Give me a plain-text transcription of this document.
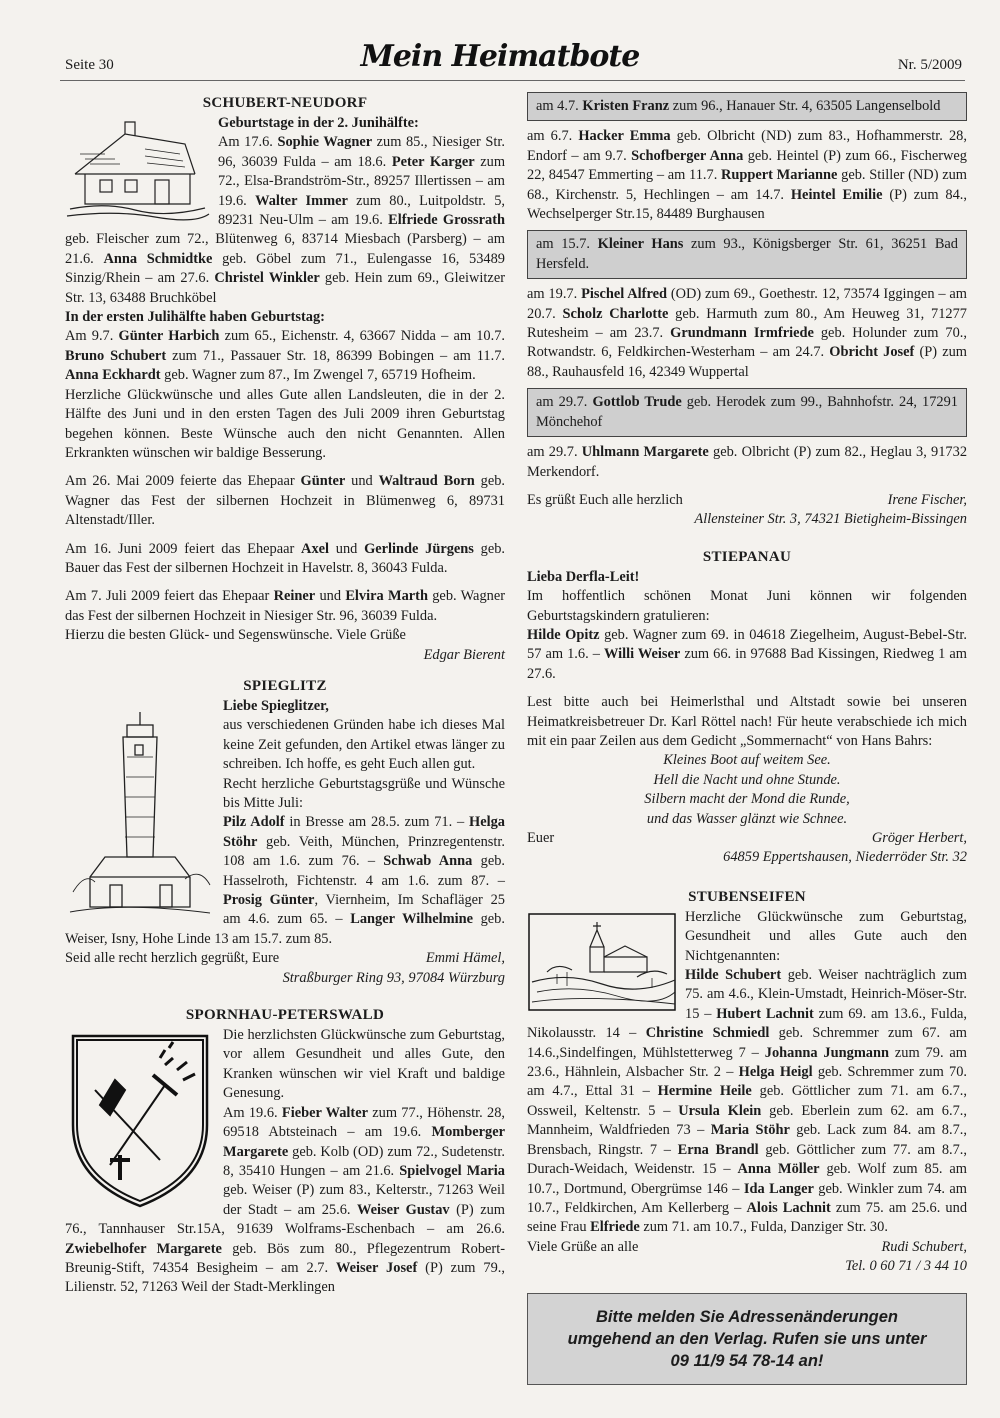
Seite 30	Mein Heimatbote	Nr. 5/2009
SCHUBERT-NEUDORF

Geburtstage in der 2. Junihälfte:

Am 17.6. Sophie Wagner zum 85., Niesiger Str. 96, 36039 Fulda – am 18.6. Peter Karger zum 72., Elsa-Brandström-Str., 89257 Illertissen – am 19.6. Walter Immer zum 80., Luitpoldstr. 5, 89231 Neu-Ulm – am 19.6. Elfriede Grossrath geb. Fleischer zum 72., Blütenweg 6, 83714 Miesbach (Parsberg) – am 21.6. Anna Schmidtke geb. Göbel zum 71., Eulengasse 16, 53489 Sinzig/Rhein – am 27.6. Christel Winkler geb. Hein zum 69., Gleiwitzer Str. 13, 63488 Bruchköbel

In der ersten Julihälfte haben Geburtstag:

Am 9.7. Günter Harbich zum 65., Eichenstr. 4, 63667 Nidda – am 10.7. Bruno Schubert zum 71., Passauer Str. 18, 86399 Bobingen – am 11.7. Anna Eckhardt geb. Wagner zum 87., Im Zwengel 7, 65719 Hofheim.

Herzliche Glückwünsche und alles Gute allen Landsleuten, die in der 2. Hälfte des Juni und in den ersten Tagen des Juli 2009 ihren Geburtstag begehen können. Beste Wünsche auch den nicht Genannten. Allen Erkrankten wünschen wir baldige Besserung.

Am 26. Mai 2009 feierte das Ehepaar Günter und Waltraud Born geb. Wagner das Fest der silbernen Hochzeit in Blümenweg 6, 89731 Altenstadt/Iller.

Am 16. Juni 2009 feiert das Ehepaar Axel und Gerlinde Jürgens geb. Bauer das Fest der silbernen Hochzeit in Havelstr. 8, 36043 Fulda.

Am 7. Juli 2009 feiert das Ehepaar Reiner und Elvira Marth geb. Wagner das Fest der silbernen Hochzeit in Niesiger Str. 96, 36039 Fulda.

Hierzu die besten Glück- und Segenswünsche. Viele Grüße

Edgar Bierent

SPIEGLITZ

Liebe Spieglitzer,

aus verschiedenen Gründen habe ich dieses Mal keine Zeit gefunden, den Artikel etwas länger zu schreiben. Ich hoffe, es geht Euch allen gut.

Recht herzliche Geburtstagsgrüße und Wünsche bis Mitte Juli:

Pilz Adolf in Bresse am 28.5. zum 71. – Helga Stöhr geb. Veith, München, Prinzregentenstr. 108 am 1.6. zum 76. – Schwab Anna geb. Hasselroth, Fichtenstr. 4 am 1.6. zum 87. – Prosig Günter, Viernheim, Im Schafläger 25 am 4.6. zum 65. – Langer Wilhelmine geb. Weiser, Isny, Hohe Linde 13 am 15.7. zum 85.

Seid alle recht herzlich gegrüßt, Eure	Emmi Hämel,

Straßburger Ring 93, 97084 Würzburg

SPORNHAU-PETERSWALD

Die herzlichsten Glückwünsche zum Geburtstag, vor allem Gesundheit und alles Gute, den Kranken wünschen wir viel Kraft und baldige Genesung.

Am 19.6. Fieber Walter zum 77., Höhenstr. 28, 69518 Abtsteinach – am 19.6. Momberger Margarete geb. Kolb (OD) zum 72., Sudetenstr. 8, 35410 Hungen – am 21.6. Spielvogel Maria geb. Weiser (P) zum 83., Kelterstr., 71263 Weil der Stadt – am 25.6. Weiser Gustav (P) zum 76., Tannhauser Str.15A, 91639 Wolframs-Eschenbach – am 26.6. Zwiebelhofer Margarete geb. Bös zum 80., Pflegezentrum Robert-Breunig-Stift, 74354 Besigheim – am 2.7. Weiser Josef (P) zum 79., Lilienstr. 52, 71263 Weil der Stadt-Merklingen

am 4.7. Kristen Franz zum 96., Hanauer Str. 4, 63505 Langenselbold

am 6.7. Hacker Emma geb. Olbricht (ND) zum 83., Hofhammerstr. 28, Endorf – am 9.7. Schofberger Anna geb. Heintel (P) zum 66., Fischerweg 22, 84547 Emmerting – am 11.7. Ruppert Marianne geb. Stiller (ND) zum 68., Kirchenstr. 5, Hechlingen – am 14.7. Heintel Emilie (P) zum 84., Wechselperger Str.15, 84489 Burghausen

am 15.7. Kleiner Hans zum 93., Königsberger Str. 61, 36251 Bad Hersfeld.

am 19.7. Pischel Alfred (OD) zum 69., Goethestr. 12, 73574 Iggingen – am 20.7. Scholz Charlotte geb. Harmuth zum 80., Am Heuweg 31, 71277 Rutesheim – am 23.7. Grundmann Irmfriede geb. Holunder zum 70., Rotwandstr. 6, Feldkirchen-Westerham – am 24.7. Obricht Josef (P) zum 88., Rauhausfeld 16, 42349 Wuppertal

am 29.7. Gottlob Trude geb. Herodek zum 99., Bahnhofstr. 24, 17291 Mönchehof

am 29.7. Uhlmann Margarete geb. Olbricht (P) zum 82., Heglau 3, 91732 Merkendorf.

Es grüßt Euch alle herzlich	Irene Fischer,

Allensteiner Str. 3, 74321 Bietigheim-Bissingen

STIEPANAU

Lieba Derfla-Leit!

Im hoffentlich schönen Monat Juni können wir folgenden Geburtstagskindern gratulieren:

Hilde Opitz geb. Wagner zum 69. in 04618 Ziegelheim, August-Bebel-Str. 57 am 1.6. – Willi Weiser zum 66. in 97688 Bad Kissingen, Riedweg 1 am 27.6.

Lest bitte auch bei Heimerlsthal und Altstadt sowie bei unseren Heimatkreisbetreuer Dr. Karl Röttel nach! Für heute verabschiede ich mich mit ein paar Zeilen aus dem Gedicht „Sommernacht“ von Hans Bahrs:

Kleines Boot auf weitem See.
Hell die Nacht und ohne Stunde.
Silbern macht der Mond die Runde,
und das Wasser glänzt wie Schnee.

Euer	Gröger Herbert,

64859 Eppertshausen, Niederröder Str. 32

STUBENSEIFEN

Herzliche Glückwünsche zum Geburtstag, Gesundheit und alles Gute auch den Nichtgenannten:

Hilde Schubert geb. Weiser nachträglich zum 75. am 4.6., Klein-Umstadt, Heinrich-Möser-Str. 15 – Hubert Lachnit zum 69. am 13.6., Fulda, Nikolausstr. 14 – Christine Schmiedl geb. Schremmer zum 67. am 14.6.,Sindelfingen, Mühlstetterweg 7 – Johanna Jungmann zum 79. am 23.6., Hähnlein, Alsbacher Str. 2 – Helga Heigl geb. Schremmer zum 70. am 4.7., Ettal 31 – Hermine Heile geb. Göttlicher zum 71. am 6.7., Ossweil, Keltenstr. 5 – Ursula Klein geb. Eberlein zum 62. am 6.7., Mannheim, Waldfrieden 73 – Maria Stöhr geb. Lack zum 84. am 8.7., Brensbach, Ringstr. 7 – Erna Brandl geb. Göttlicher zum 77. am 8.7., Durach-Weidach, Weidenstr. 15 – Anna Möller geb. Wolf zum 85. am 10.7., Dortmund, Obergrümse 146 – Ida Langer geb. Winkler zum 74. am 10.7., Feldkirchen, Am Kellerberg – Alois Lachnit zum 75. am 25.6. und seine Frau Elfriede zum 71. am 10.7., Fulda, Danziger Str. 30.

Viele Grüße an alle	Rudi Schubert,

Tel. 0 60 71 / 3 44 10

Bitte melden Sie Adressenänderungen
umgehend an den Verlag. Rufen sie uns unter
09 11/9 54 78-14 an!
